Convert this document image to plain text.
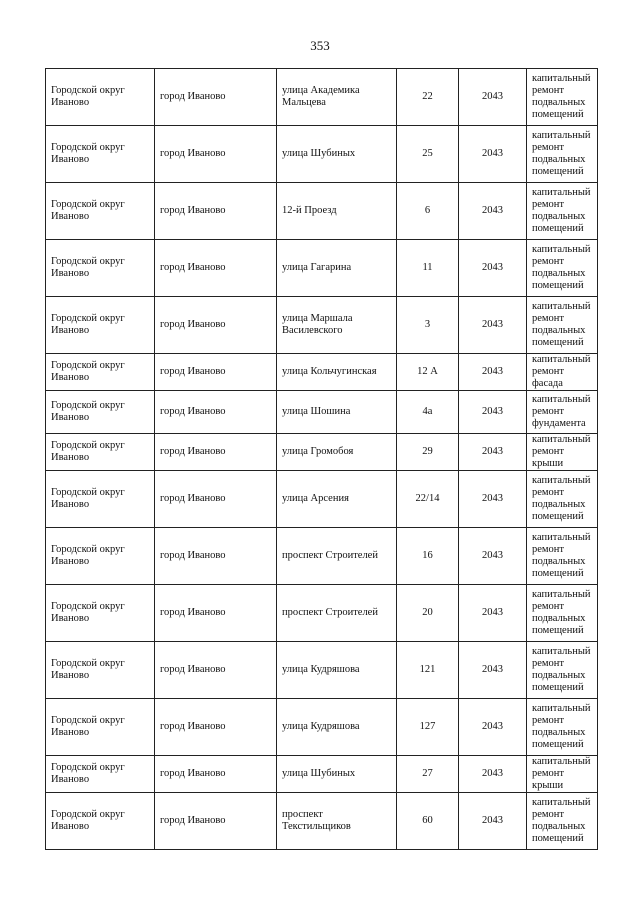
353
Городской округ Иваново	город Иваново	улица Академика Мальцева	22	2043	капитальный ремонт подвальных помещений
Городской округ Иваново	город Иваново	улица Шубиных	25	2043	капитальный ремонт подвальных помещений
Городской округ Иваново	город Иваново	12-й Проезд	6	2043	капитальный ремонт подвальных помещений
Городской округ Иваново	город Иваново	улица Гагарина	11	2043	капитальный ремонт подвальных помещений
Городской округ Иваново	город Иваново	улица Маршала Василевского	3	2043	капитальный ремонт подвальных помещений
Городской округ Иваново	город Иваново	улица Кольчугинская	12 А	2043	капитальный ремонт фасада
Городской округ Иваново	город Иваново	улица Шошина	4а	2043	капитальный ремонт фундамента
Городской округ Иваново	город Иваново	улица Громобоя	29	2043	капитальный ремонт крыши
Городской округ Иваново	город Иваново	улица Арсения	22/14	2043	капитальный ремонт подвальных помещений
Городской округ Иваново	город Иваново	проспект Строителей	16	2043	капитальный ремонт подвальных помещений
Городской округ Иваново	город Иваново	проспект Строителей	20	2043	капитальный ремонт подвальных помещений
Городской округ Иваново	город Иваново	улица Кудряшова	121	2043	капитальный ремонт подвальных помещений
Городской округ Иваново	город Иваново	улица Кудряшова	127	2043	капитальный ремонт подвальных помещений
Городской округ Иваново	город Иваново	улица Шубиных	27	2043	капитальный ремонт крыши
Городской округ Иваново	город Иваново	проспект Текстильщиков	60	2043	капитальный ремонт подвальных помещений
